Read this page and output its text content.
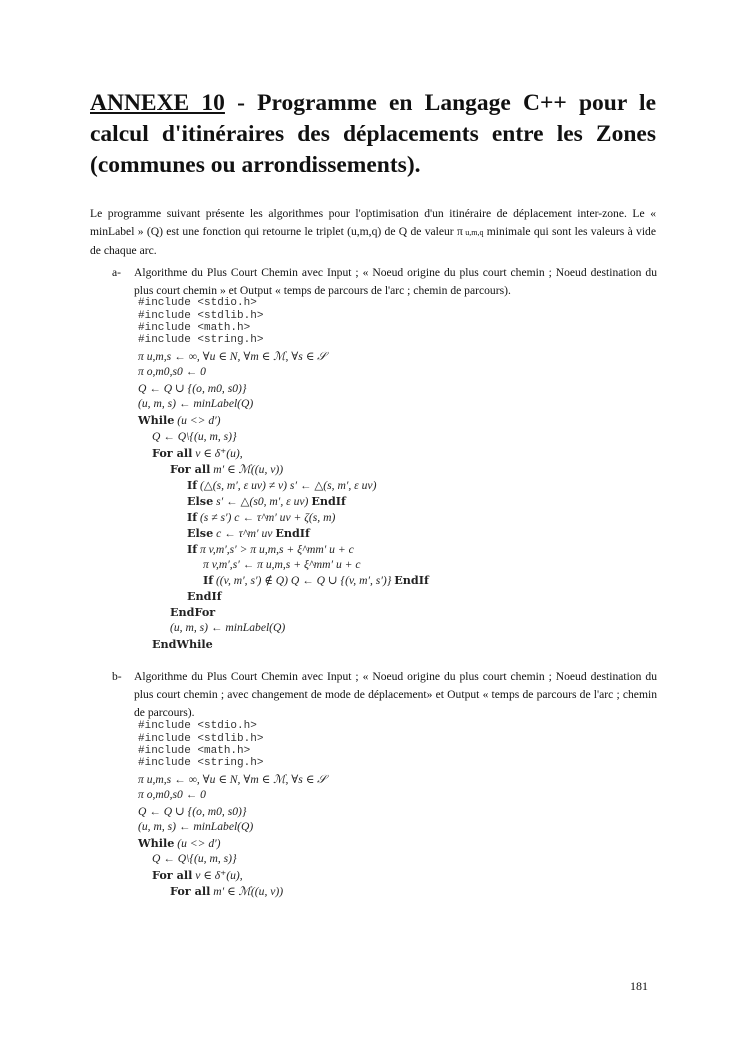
ANNEXE 10 - Programme en Langage C++ pour le calcul d'itinéraires des déplacements entre les Zones (communes ou arrondissements).
Le programme suivant présente les algorithmes pour l'optimisation d'un itinéraire de déplacement inter-zone. Le « minLabel » (Q) est une fonction qui retourne le triplet (u,m,q) de Q de valeur π u,m,q minimale qui sont les valeurs à vide de chaque arc.
a- Algorithme du Plus Court Chemin avec Input ; « Noeud origine du plus court chemin ; Noeud destination du plus court chemin » et Output « temps de parcours de l'arc ; chemin de parcours).
#include <stdio.h>
#include <stdlib.h>
#include <math.h>
#include <string.h>
π u,m,s ← ∞, ∀u ∈ N, ∀m ∈ ℳ, ∀s ∈ 𝒮
π o,m0,s0 ← 0
Q ← Q ∪ {(o, m0, s0)}
(u, m, s) ← minLabel(Q)
While (u <> d′)
Q ← Q\{(u, m, s)}
For all v ∈ δ⁺(u),
For all m′ ∈ ℳ((u, v))
If (△(s, m′, ε uv) ≠ ν) s′ ← △(s, m′, ε uv)
Else s′ ← △(s0, m′, ε uv) EndIf
If (s ≠ s′) c ← τ^m′ uv + ζ(s, m)
Else c ← τ^m′ uv EndIf
If π v,m′,s′ > π u,m,s + ξ^mm′ u + c
π v,m′,s′ ← π u,m,s + ξ^mm′ u + c
If ((v, m′, s′) ∉ Q) Q ← Q ∪ {(v, m′, s′)} EndIf
EndIf
EndFor
(u, m, s) ← minLabel(Q)
EndWhile
b- Algorithme du Plus Court Chemin avec Input ; « Noeud origine du plus court chemin ; Noeud destination du plus court chemin ; avec changement de mode de déplacement» et Output « temps de parcours de l'arc ; chemin de parcours).
#include <stdio.h>
#include <stdlib.h>
#include <math.h>
#include <string.h>
π u,m,s ← ∞, ∀u ∈ N, ∀m ∈ ℳ, ∀s ∈ 𝒮
π o,m0,s0 ← 0
Q ← Q ∪ {(o, m0, s0)}
(u, m, s) ← minLabel(Q)
While (u <> d′)
Q ← Q\{(u, m, s)}
For all v ∈ δ⁺(u),
For all m′ ∈ ℳ((u, v))
181
